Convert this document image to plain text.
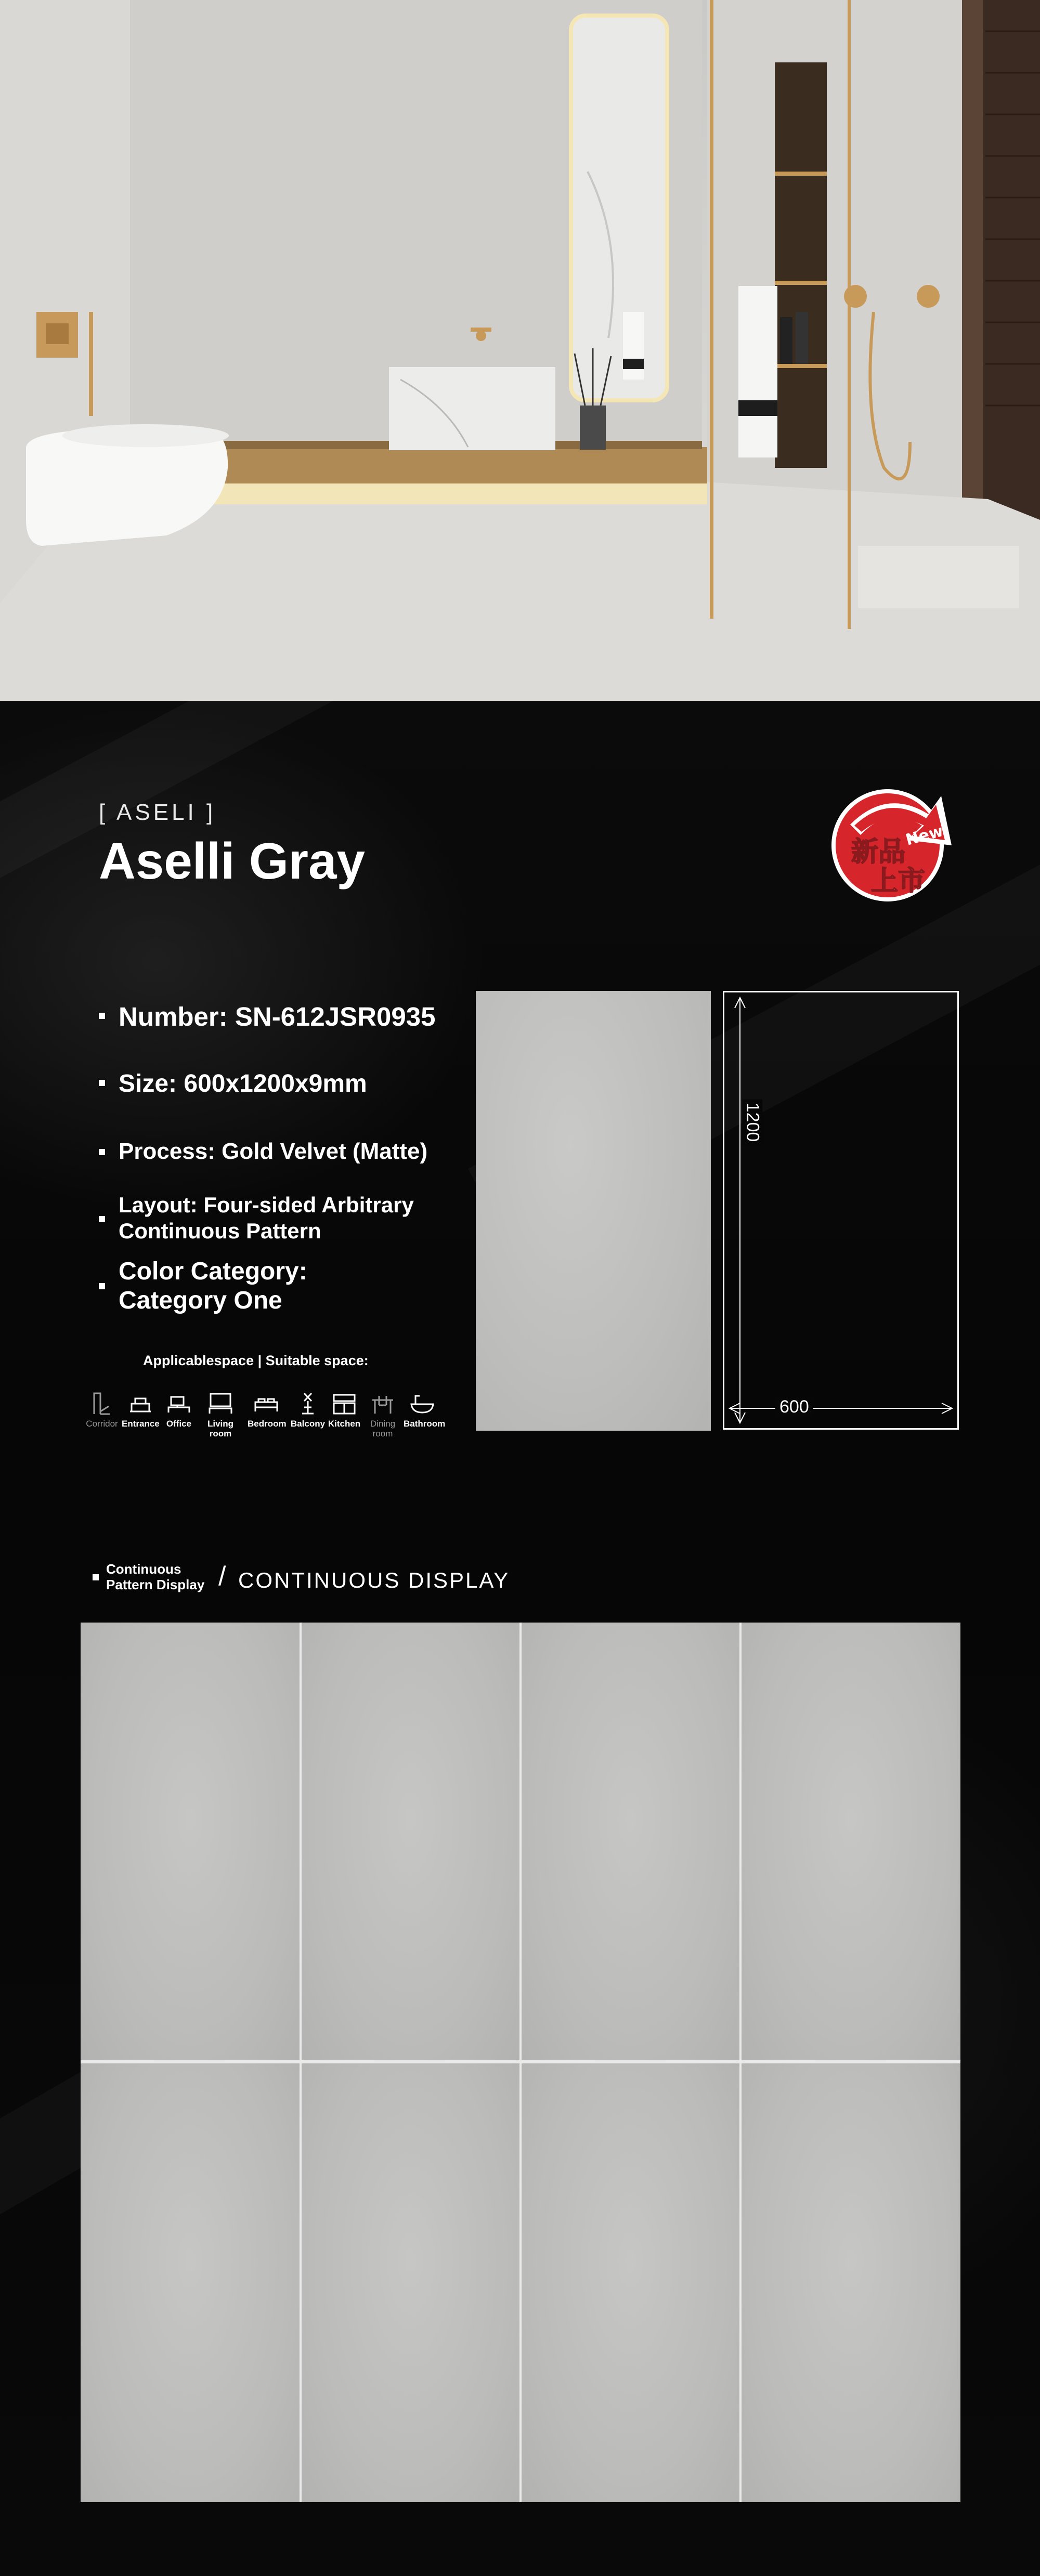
[ ASELI ]
Aselli Gray	新品
上市
New
Number: SN-612JSR0935
Size: 600x1200x9mm
Process: Gold Velvet (Matte)
Layout: Four-sided Arbitrary
Continuous Pattern
Color Category:
Category One
Applicablespace | Suitable space:
Corridor Entrance Office	Living room
Bedroom Balcony Kitchen	Dining room
Bathroom
1200
600
Continuous
Pattern Display / CONTINUOUS DISPLAY
